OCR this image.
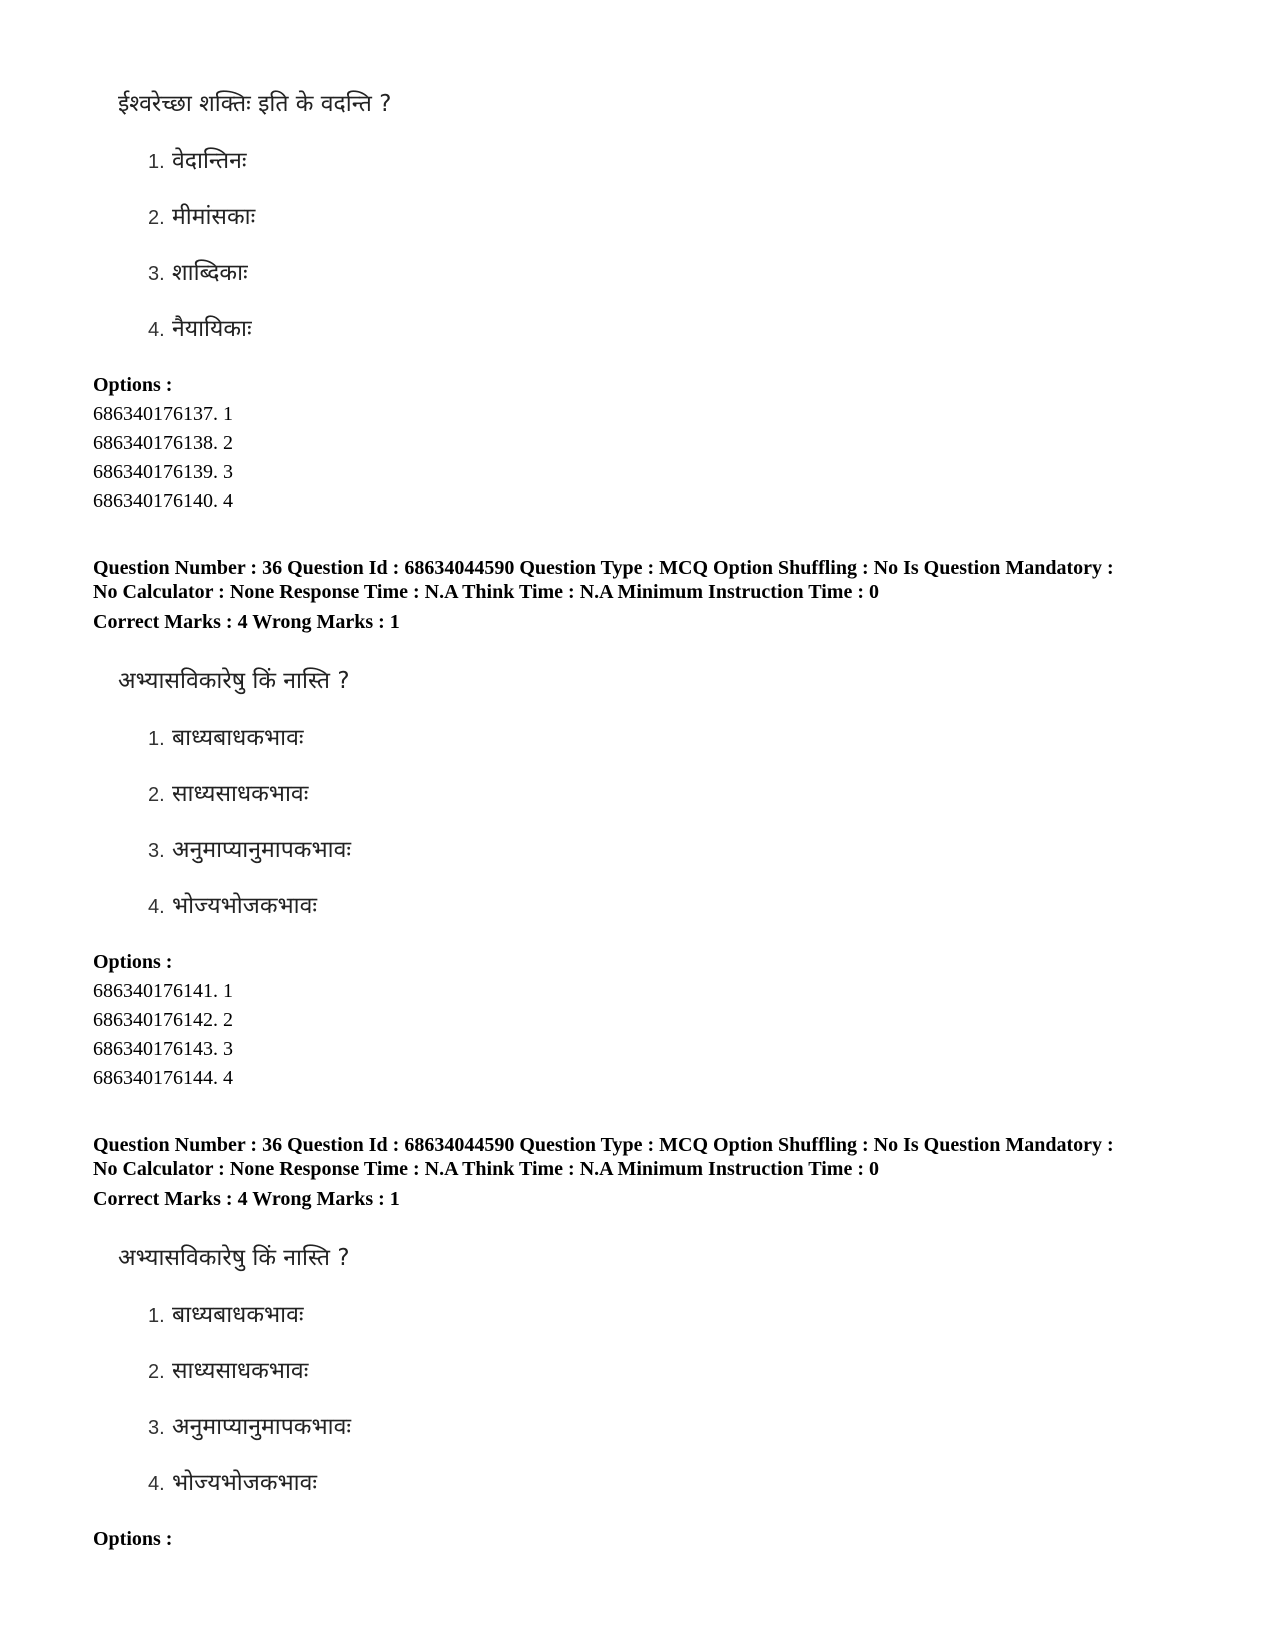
ईश्वरेच्छा शक्तिः इति के वदन्ति ?
1. वेदान्तिनः
2. मीमांसकाः
3. शाब्दिकाः
4. नैयायिकाः
Options :
686340176137. 1
686340176138. 2
686340176139. 3
686340176140. 4
Question Number : 36 Question Id : 68634044590 Question Type : MCQ Option Shuffling : No Is Question Mandatory :
No Calculator : None Response Time : N.A Think Time : N.A Minimum Instruction Time : 0
Correct Marks : 4 Wrong Marks : 1
अभ्यासविकारेषु किं नास्ति ?
1. बाध्यबाधकभावः
2. साध्यसाधकभावः
3. अनुमाप्यानुमापकभावः
4. भोज्यभोजकभावः
Options :
686340176141. 1
686340176142. 2
686340176143. 3
686340176144. 4
Question Number : 36 Question Id : 68634044590 Question Type : MCQ Option Shuffling : No Is Question Mandatory :
No Calculator : None Response Time : N.A Think Time : N.A Minimum Instruction Time : 0
Correct Marks : 4 Wrong Marks : 1
अभ्यासविकारेषु किं नास्ति ?
1. बाध्यबाधकभावः
2. साध्यसाधकभावः
3. अनुमाप्यानुमापकभावः
4. भोज्यभोजकभावः
Options :
